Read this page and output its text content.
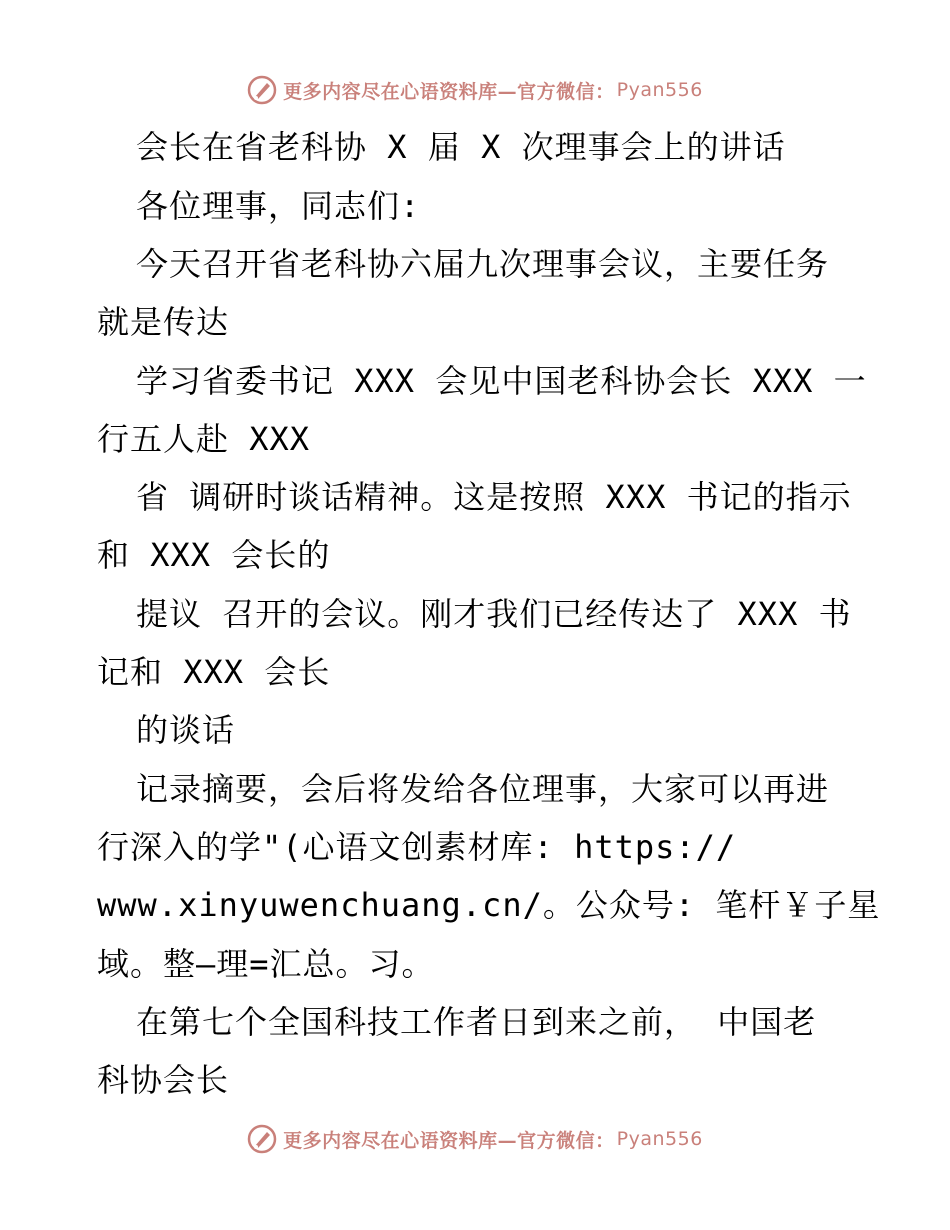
更多内容尽在心语资料库—官方微信： Pyan556
会长在省老科协 X 届 X 次理事会上的讲话
各位理事，同志们:
今天召开省老科协六届九次理事会议，主要任务
就是传达
学习省委书记 XXX 会见中国老科协会长 XXX 一
行五人赴 XXX
省 调研时谈话精神。这是按照 XXX 书记的指示
和 XXX 会长的
提议 召开的会议。刚才我们已经传达了 XXX 书
记和 XXX 会长
的谈话
记录摘要，会后将发给各位理事，大家可以再进
行深入的学"(心语文创素材库: https://
www.xinyuwenchuang.cn/。公众号: 笔杆￥子星
域。整—理=汇总。习。
在第七个全国科技工作者日到来之前， 中国老
科协会长
更多内容尽在心语资料库—官方微信： Pyan556
